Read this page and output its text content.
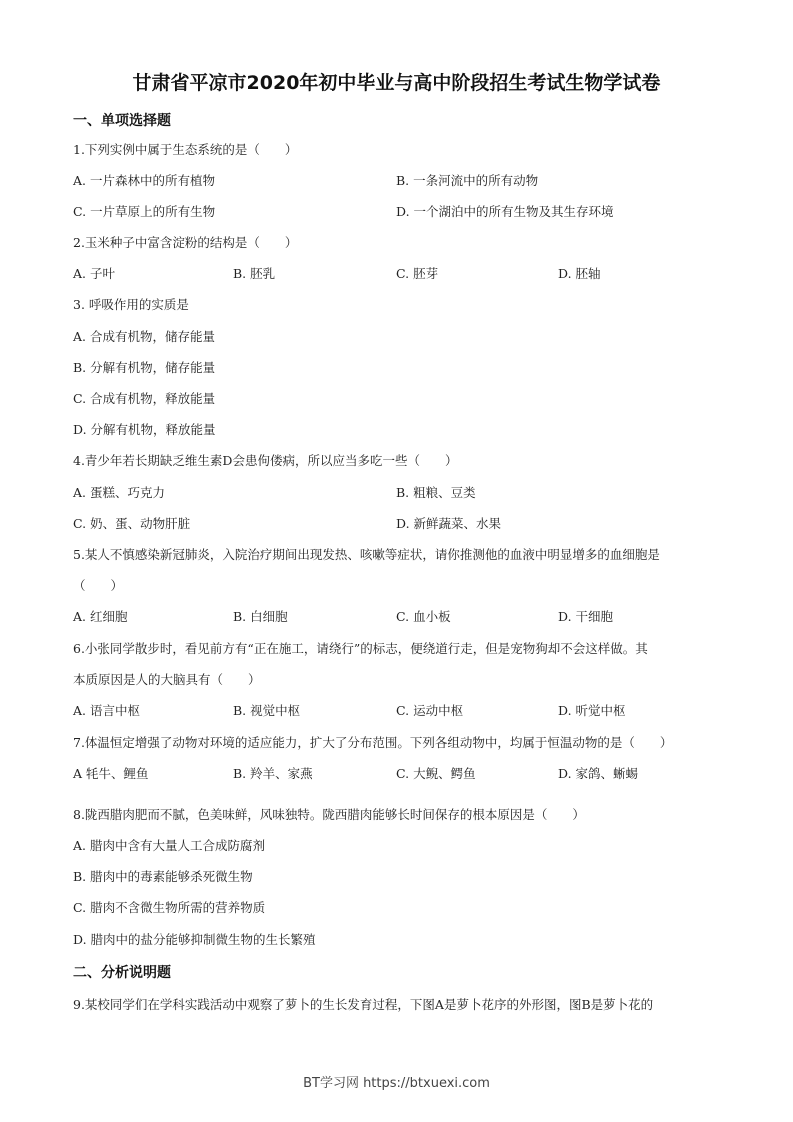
甘肃省平凉市2020年初中毕业与高中阶段招生考试生物学试卷
一、单项选择题
1.下列实例中属于生态系统的是（　　）
A. 一片森林中的所有植物	B. 一条河流中的所有动物
C. 一片草原上的所有生物	D. 一个湖泊中的所有生物及其生存环境
2.玉米种子中富含淀粉的结构是（　　）
A. 子叶	B. 胚乳	C. 胚芽	D. 胚轴
3. 呼吸作用的实质是
A. 合成有机物，储存能量
B. 分解有机物，储存能量
C. 合成有机物，释放能量
D. 分解有机物，释放能量
4.青少年若长期缺乏维生素D会患佝偻病，所以应当多吃一些（　　）
A. 蛋糕、巧克力	B. 粗粮、豆类
C. 奶、蛋、动物肝脏	D. 新鲜蔬菜、水果
5.某人不慎感染新冠肺炎，入院治疗期间出现发热、咳嗽等症状，请你推测他的血液中明显增多的血细胞是
（　　）
A. 红细胞	B. 白细胞	C. 血小板	D. 干细胞
6.小张同学散步时，看见前方有“正在施工，请绕行”的标志，便绕道行走，但是宠物狗却不会这样做。其
本质原因是人的大脑具有（　　）
A. 语言中枢	B. 视觉中枢	C. 运动中枢	D. 听觉中枢
7.体温恒定增强了动物对环境的适应能力，扩大了分布范围。下列各组动物中，均属于恒温动物的是（　　）
A 牦牛、鲤鱼	B. 羚羊、家燕	C. 大鲵、鳄鱼	D. 家鸽、蜥蜴
8.陇西腊肉肥而不腻，色美味鲜，风味独特。陇西腊肉能够长时间保存的根本原因是（　　）
A. 腊肉中含有大量人工合成防腐剂
B. 腊肉中的毒素能够杀死微生物
C. 腊肉不含微生物所需的营养物质
D. 腊肉中的盐分能够抑制微生物的生长繁殖
二、分析说明题
9.某校同学们在学科实践活动中观察了萝卜的生长发育过程，下图A是萝卜花序的外形图，图B是萝卜花的
BT学习网 https://btxuexi.com
